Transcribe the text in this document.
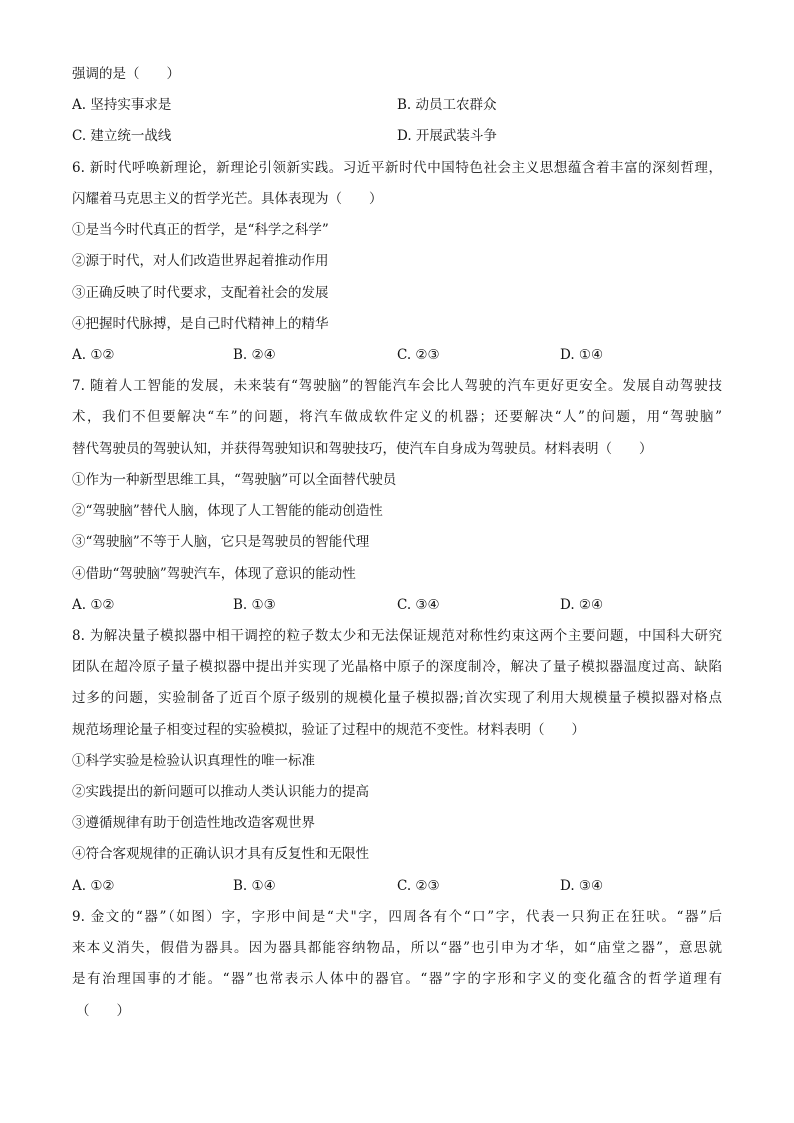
强调的是（　　）
A. 坚持实事求是	B. 动员工农群众
C. 建立统一战线	D. 开展武装斗争
6. 新时代呼唤新理论，新理论引领新实践。习近平新时代中国特色社会主义思想蕴含着丰富的深刻哲理，
闪耀着马克思主义的哲学光芒。具体表现为（　　）
①是当今时代真正的哲学，是“科学之科学”
②源于时代，对人们改造世界起着推动作用
③正确反映了时代要求，支配着社会的发展
④把握时代脉搏，是自己时代精神上的精华
A. ①②	B. ②④	C. ②③	D. ①④
7. 随着人工智能的发展，未来装有“驾驶脑”的智能汽车会比人驾驶的汽车更好更安全。发展自动驾驶技
术，我们不但要解决“车”的问题，将汽车做成软件定义的机器；还要解决“人”的问题，用“驾驶脑”
替代驾驶员的驾驶认知，并获得驾驶知识和驾驶技巧，使汽车自身成为驾驶员。材料表明（　　）
①作为一种新型思维工具，“驾驶脑”可以全面替代驶员
②“驾驶脑”替代人脑，体现了人工智能的能动创造性
③“驾驶脑”不等于人脑，它只是驾驶员的智能代理
④借助“驾驶脑”驾驶汽车，体现了意识的能动性
A. ①②	B. ①③	C. ③④	D. ②④
8. 为解决量子模拟器中相干调控的粒子数太少和无法保证规范对称性约束这两个主要问题，中国科大研究
团队在超冷原子量子模拟器中提出并实现了光晶格中原子的深度制冷，解决了量子模拟器温度过高、缺陷
过多的问题，实验制备了近百个原子级别的规模化量子模拟器;首次实现了利用大规模量子模拟器对格点
规范场理论量子相变过程的实验模拟，验证了过程中的规范不变性。材料表明（　　）
①科学实验是检验认识真理性的唯一标准
②实践提出的新问题可以推动人类认识能力的提高
③遵循规律有助于创造性地改造客观世界
④符合客观规律的正确认识才具有反复性和无限性
A. ①②	B. ①④	C. ②③	D. ③④
9. 金文的“器”（如图）字，字形中间是“犬"字，四周各有个“口”字，代表一只狗正在狂吠。“器”后
来本义消失，假借为器具。因为器具都能容纳物品，所以“器”也引申为才华，如“庙堂之器”，意思就
是有治理国事的才能。“器”也常表示人体中的器官。“器”字的字形和字义的变化蕴含的哲学道理有
（　　）
